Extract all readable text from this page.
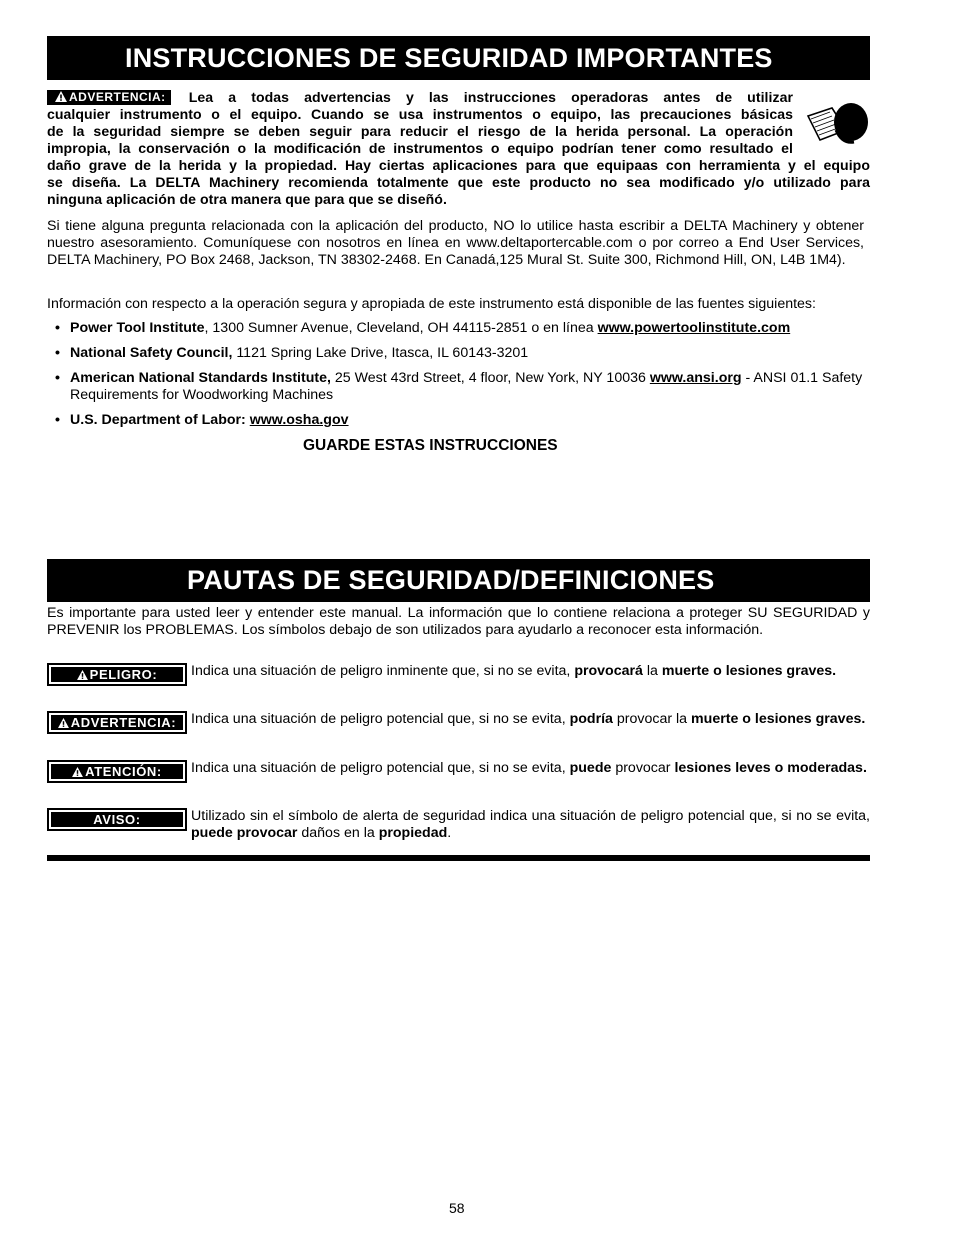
INSTRUCCIONES DE SEGURIDAD IMPORTANTES
ADVERTENCIA: Lea a todas advertencias y las instrucciones operadoras antes de utilizar
cualquier instrumento o el equipo. Cuando se usa instrumentos o equipo, las precauciones básicas
de la seguridad siempre se deben seguir para reducir el riesgo de la herida personal. La operación
impropia, la conservación o la modificación de instrumentos o equipo podrían tener como resultado el
daño grave de la herida y la propiedad. Hay ciertas aplicaciones para que equipaas con herramienta y el equipo
se diseña. La DELTA Machinery recomienda totalmente que este producto no sea modificado y/o utilizado para
ninguna aplicación de otra manera que para que se diseñó.
Si tiene alguna pregunta relacionada con la aplicación del producto, NO lo utilice hasta escribir a DELTA Machinery y obtener nuestro asesoramiento. Comuníquese con nosotros en línea en www.deltaportercable.com o por correo a End User Services, DELTA Machinery, PO Box 2468, Jackson, TN 38302-2468. En Canadá,125 Mural St. Suite 300, Richmond Hill, ON, L4B 1M4).
Información con respecto a la operación segura y apropiada de este instrumento está disponible de las fuentes siguientes:
• Power Tool Institute, 1300 Sumner Avenue, Cleveland, OH 44115-2851 o en línea www.powertoolinstitute.com
• National Safety Council, 1121 Spring Lake Drive, Itasca, IL 60143-3201
• American National Standards Institute, 25 West 43rd Street, 4 floor, New York, NY 10036 www.ansi.org - ANSI 01.1 Safety Requirements for Woodworking Machines
• U.S. Department of Labor: www.osha.gov
GUARDE ESTAS INSTRUCCIONES
PAUTAS DE SEGURIDAD/DEFINICIONES
Es importante para usted leer y entender este manual. La información que lo contiene relaciona a proteger SU SEGURIDAD y PREVENIR los PROBLEMAS. Los símbolos debajo de son utilizados para ayudarlo a reconocer esta información.
PELIGRO:	Indica una situación de peligro inminente que, si no se evita, provocará la muerte o lesiones graves.
ADVERTENCIA:	Indica una situación de peligro potencial que, si no se evita, podría provocar la muerte o lesiones graves.
ATENCIÓN:	Indica una situación de peligro potencial que, si no se evita, puede provocar lesiones leves o moderadas.
AVISO:	Utilizado sin el símbolo de alerta de seguridad indica una situación de peligro potencial que, si no se evita, puede provocar daños en la propiedad.
58
